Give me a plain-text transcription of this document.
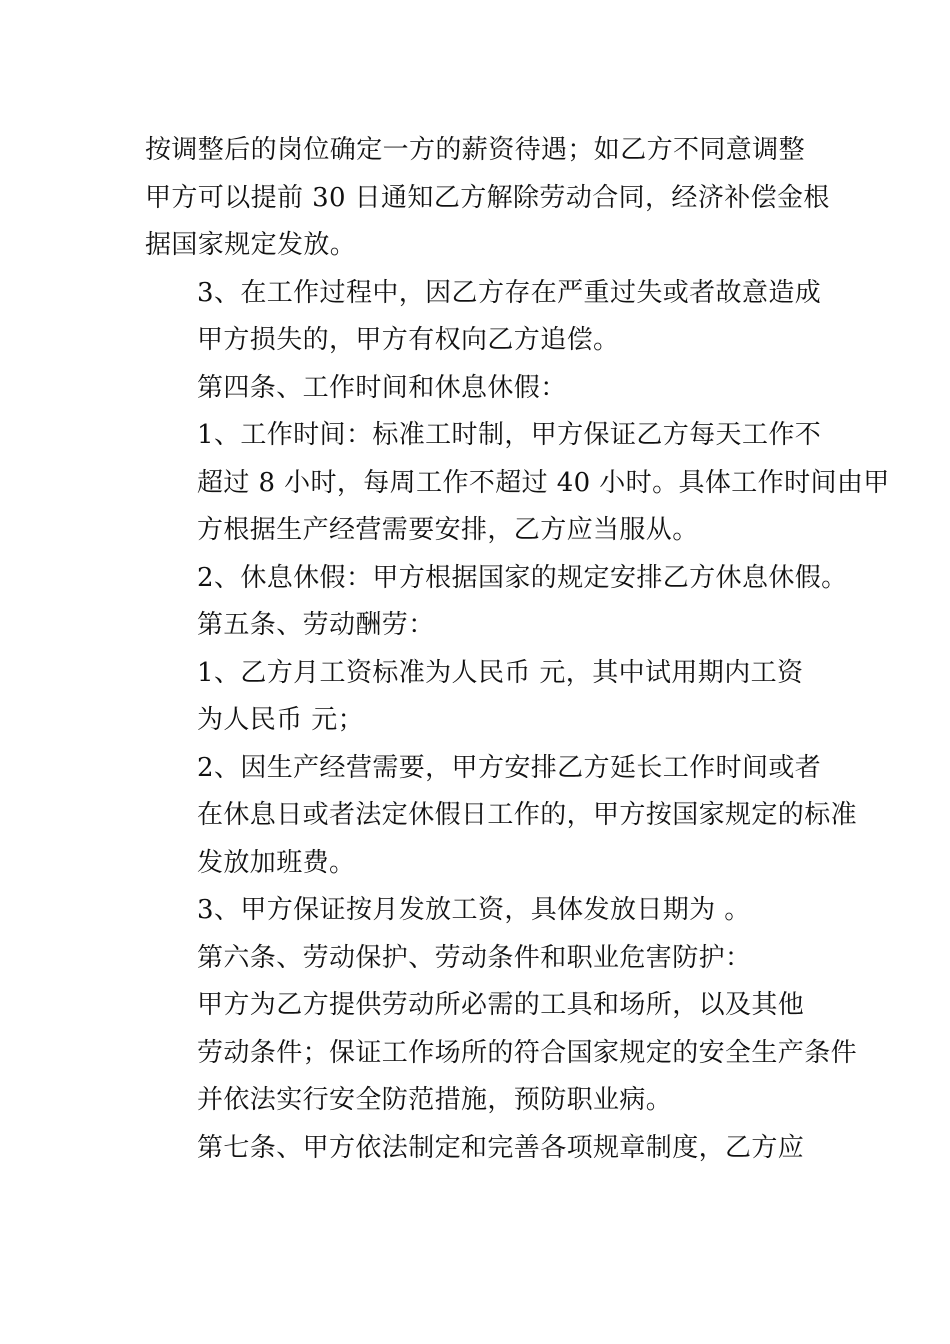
按调整后的岗位确定一方的薪资待遇；如乙方不同意调整
甲方可以提前 30 日通知乙方解除劳动合同，经济补偿金根
据国家规定发放。

3、在工作过程中，因乙方存在严重过失或者故意造成
甲方损失的，甲方有权向乙方追偿。

第四条、工作时间和休息休假：

1、工作时间：标准工时制，甲方保证乙方每天工作不
超过 8 小时，每周工作不超过 40 小时。具体工作时间由甲
方根据生产经营需要安排，乙方应当服从。

2、休息休假：甲方根据国家的规定安排乙方休息休假。

第五条、劳动酬劳：

1、乙方月工资标准为人民币 元，其中试用期内工资
为人民币 元；

2、因生产经营需要，甲方安排乙方延长工作时间或者
在休息日或者法定休假日工作的，甲方按国家规定的标准
发放加班费。

3、甲方保证按月发放工资，具体发放日期为 。

第六条、劳动保护、劳动条件和职业危害防护：

甲方为乙方提供劳动所必需的工具和场所，以及其他
劳动条件；保证工作场所的符合国家规定的安全生产条件
并依法实行安全防范措施，预防职业病。

第七条、甲方依法制定和完善各项规章制度，乙方应
